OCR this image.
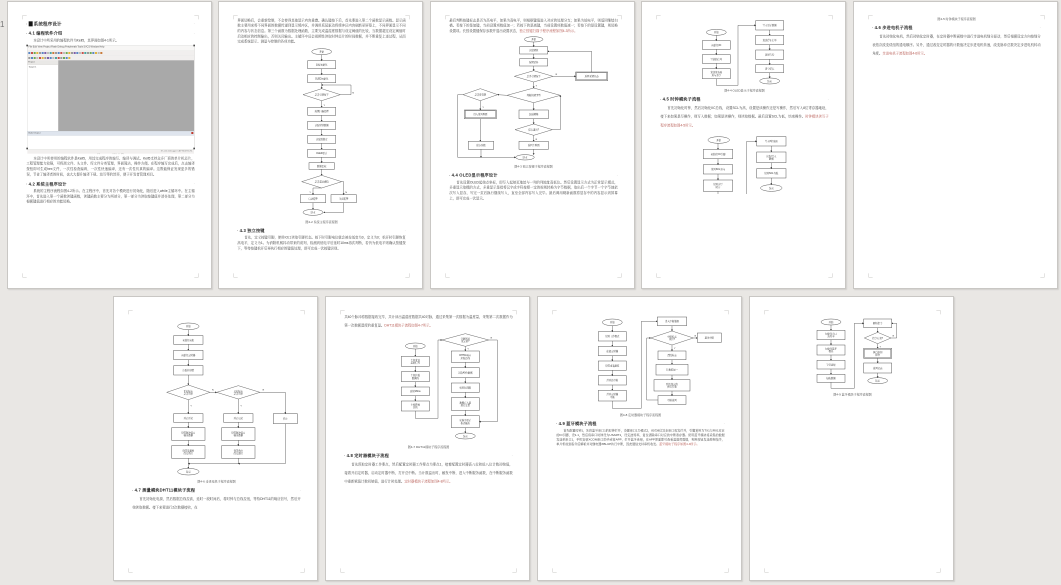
1 4 系统程序设计	·
4.1 编程软件介绍	·

本设计中所采用的编程软件为Keil5，其界面如图4-1所示。

File Edit View Project Flash Debug Peripherals Tools SVCS Window Help
Project
Target 1
Build Output
ST-Link Debugger CAP NUM SCRL

本设计中所使用的编程软件是Keil5，用其完成程序的编写、编译与调试。Keil5支持众多厂商的单片机芯片，工程管理能力较强，可将源文件、头文件、库文件分类管理，界面简洁，操作方便。在程序编写完成后，点击编译按钮即可生成hex文件，一次性检查编码，一次性快速编译，还有一次性仿真的编译。这既能保证发现更多的错误，节省了编译者的时间，也大大提升编译下载、烧写等的效率，便于开发者管理项目。

4.2 系统主程序设计	·

系统的主程序流程如图4-2所示。在主程序中，首先对各个模块进行初始化，随后进入while主循环中。在主循环中，首先进入第一个函数读键函数，读键函数主要分为两部分，第一部分为读取按键值并消抖处理，第二部分为根据键值进行相应的功能切换。

界面切换后，会重新绘制，不会使得其他显示内容重叠。确认键按下后，首先要进入第二个函数显示函数。显示函数主要用来将不同界面的数据传递到显示缓冲区，并调用底层驱动将缓冲区内容刷新至屏幕上，不同界面显示不同的内容与状态信息。第三个函数为数据处理函数，主要完成温湿度数据与设定阈值的比较，当数据超过设定阈值时启动相应的控制输出，否则关闭输出。主循环中还会周期性读取时钟芯片的时间数据，并不断重复上述过程，从而完成系统显示、测量与控制的各项功能。

开始
系统初始化
OLED初始化
是否有键按下
按键扫描处理
读取时钟数据
读取温湿度
OLED显示
数据比较
是否超过阈值
启动报警	关闭报警
结束
N
Y
Y	N
图4-2 系统主程序流程图
4.3 独立按键	·

首先，定义按键引脚，使用IO口读取引脚状态。按下时引脚电位就会被拉低变为0，定义为0；松开时引脚恢复高电平，定义为1。为消除机械抖动带来的误判，检测到低电平后延时10ms再次判断，若仍为低电平则确认按键按下，等待按键松开后再执行相应的键值处理，即可完成一次按键识别。

最后判断按键标志是否为高电平，如果为高电平，则根据键值进入对应的处理分支；如果为低电平，则返回继续扫描。若按下的是加键，当前设置项数值加一；若按下的是减键，当前设置项数值减一；若按下的是设置键，则切换设置项。长按设置键保存参数并退出设置状态，独立按键扫描子程序流程如图4-3所示。

开始
读取键值
按键消抖
是否有键按下	返回无键状态
判断按键类型
是否设置键
进入设置界面	加减调整
保存退出?
保存参数	返回主界面
结束
N
Y
Y
N
图4-3 独立按键子程序流程图
4.4 OLED显示程序设计	·

首先设置OLED起始点坐标，即写入起始页地址与一列的列地址高低位。然后设置显示方式为正常显示模式，多重显示取模的方式，多重显示是指将汉字或字符按照一定的规则转换为字节数据，取出后一个字节一个字节地依次写入显存，写完一页后换行继续写入，直至全部内容写入完毕。最后调用刷新函数将显存中的内容显示到屏幕上，即可完成一次显示。

开始
初始化IIC
写起始信号
发送设备地址与命令
写入显示数据
发送停止信号
延时等待
清空缓存
结束
图4-4 OLED显示子程序流程图
4.5 时钟模块子流程	·

首先初始化时钟，然后初始化IIC总线，设置SCL为高，设置是读操作还是写操作，然后写入8位寄存器地址，接下来如果是写操作，则写入数据；如果是读操作，则读取数据。最后设置SCL为低，结束操作。时钟模块读写子程序流程如图4-5所示。

开始
初始化IIC引脚
设置SCL方向
设置读写时序
写入8位地址
读取/写入数据
设置SCL为低
结束
图4-5 时钟模块子程序流程图
4.6 步进电机子流程	·

首先初始化电机，然后初始化定时器，在定时器中断函数中进行步进电机细分驱动，然后根据设定方向按细分表依次改变绕组的通电顺序。另外，通过改变定时器的计数值决定步进电机转速，改变脉冲总数决定步进电机转动角度。步进电机子流程如图4-6所示。

开始
初始化电机
初始化定时器
读取控制量
正转标志是否置位
反转标志是否置位
停止
开启正转
设置脉冲端口输出数据
设置导通角改变角度
开启反转
设置脉冲端口输出数据
设置角度改变速度
结束
Y
N
Y
N
图4-6 步进电机子程序流程图
4.7 测量模块DHT11模块子流程	·

首先初始化电源，然后数据总线拉高，延时一段时间后，将时钟与总线拉低，等待DHT11的响应信号，然后开始读取数据。接下来要进行2次数据接收，在

共40个脉冲将数据接收完毕，共计读出温湿度数据共40对脉，通过采集第一次数据为温度量，采集第二次数据作为第一次数据湿度的重复量。DHT11模块子流程如图4-7所示。

计数到达设定值?
开始
主机发送起始信号
主机拉低数据线
延时18ms
主机释放总线
DHT11响应拉低总线
读取40位数据
校验和判断
数据存入温湿度变量
转换为显示格式输出
结束
Y
N
图4-7 DHT11模块子程序流程图
4.8 定时器模块子流程	·

首先预取定时器工作要点，然后配置定时器工作要点为要点1，接着配置定时器高八位和低八位计数初始值，接着开启定时器，启动定时器中断，打开总中断。当计数溢出时，触发中断，进入中断服务函数，在中断服务函数中重新赋值计数初始值，进行计时处理。定时器模块子流程如图4-8所示。

开始
设置工作模式
使能定时器
设置重装载值
打开总中断
打开定时器中断
进入中断服务
中断标志置位?
退出中断
清除标志
计数值加一
到达设定值执行任务
中断返回
Y
N
图4-8 定时器模块子程序流程图
4.9 蓝牙模块子流程	·

首先配置时钟1，先将蓝牙串口1的时钟打开，设置串口1为模式2，80为8位异步串口收发打开，引脚复用为TX1与RX1对应的IO引脚，设1.1，然后将串口时钟设为USART1，设定波特率，复位清除串口对应的中断寄存器。使用蓝牙模块将采集的数据发送至串口1，手机安装XCOM串口助手或者APP，打开蓝牙连接，在APP界面即可查看温湿度数据，利用按钮发送控制指令，单片机收到指令后解析并对继电器XBLUP执行中断，因此通信支持串机收发。蓝牙模块子程序如图4-9所示。

开始
初始化串口波特率
初始化蓝牙模块
等待连接
接收数据
解析指令
指令有效?
执行控制操作
返回状态
结束
Y
N
图4-9 蓝牙模块子程序流程图
